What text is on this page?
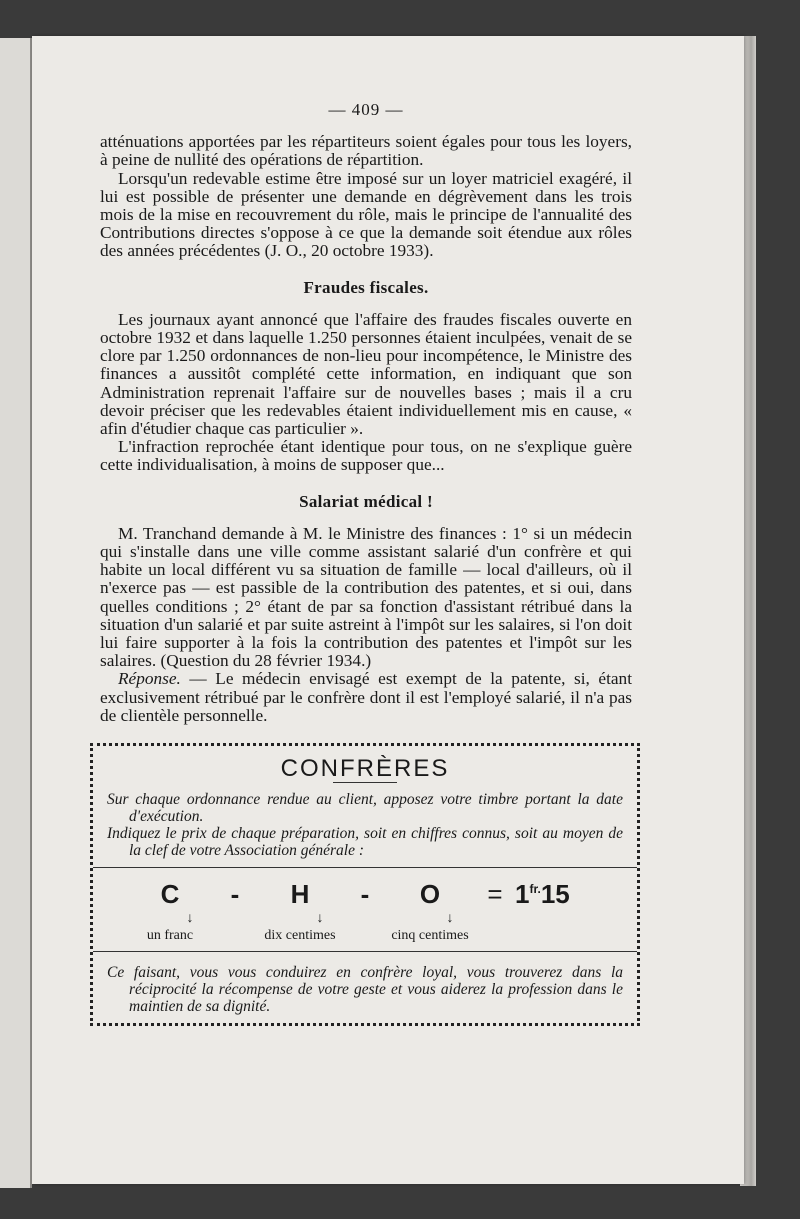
— 409 —

atténuations apportées par les répartiteurs soient égales pour tous les loyers, à peine de nullité des opérations de répartition.

Lorsqu'un redevable estime être imposé sur un loyer matriciel exagéré, il lui est possible de présenter une demande en dégrèvement dans les trois mois de la mise en recouvrement du rôle, mais le principe de l'annualité des Contributions directes s'oppose à ce que la demande soit étendue aux rôles des années précédentes (J. O., 20 octobre 1933).

Fraudes fiscales.

Les journaux ayant annoncé que l'affaire des fraudes fiscales ouverte en octobre 1932 et dans laquelle 1.250 personnes étaient inculpées, venait de se clore par 1.250 ordonnances de non-lieu pour incompétence, le Ministre des finances a aussitôt complété cette information, en indiquant que son Administration reprenait l'affaire sur de nouvelles bases ; mais il a cru devoir préciser que les redevables étaient individuellement mis en cause, « afin d'étudier chaque cas particulier ».

L'infraction reprochée étant identique pour tous, on ne s'explique guère cette individualisation, à moins de supposer que...

Salariat médical !

M. Tranchand demande à M. le Ministre des finances : 1° si un médecin qui s'installe dans une ville comme assistant salarié d'un confrère et qui habite un local différent vu sa situation de famille — local d'ailleurs, où il n'exerce pas — est passible de la contribution des patentes, et si oui, dans quelles conditions ; 2° étant de par sa fonction d'assistant rétribué dans la situation d'un salarié et par suite astreint à l'impôt sur les salaires, si l'on doit lui faire supporter à la fois la contribution des patentes et l'impôt sur les salaires. (Question du 28 février 1934.)

Réponse. — Le médecin envisagé est exempt de la patente, si, étant exclusivement rétribué par le confrère dont il est l'employé salarié, il n'a pas de clientèle personnelle.

CONFRÈRES

Sur chaque ordonnance rendue au client, apposez votre timbre portant la date d'exécution.

Indiquez le prix de chaque préparation, soit en chiffres connus, soit au moyen de la clef de votre Association générale :

C	-	H	-	O	= $1^{fr.}15$
↓	↓	↓
un franc	dix centimes	cinq centimes

Ce faisant, vous vous conduirez en confrère loyal, vous trouverez dans la réciprocité la récompense de votre geste et vous aiderez la profession dans le maintien de sa dignité.
